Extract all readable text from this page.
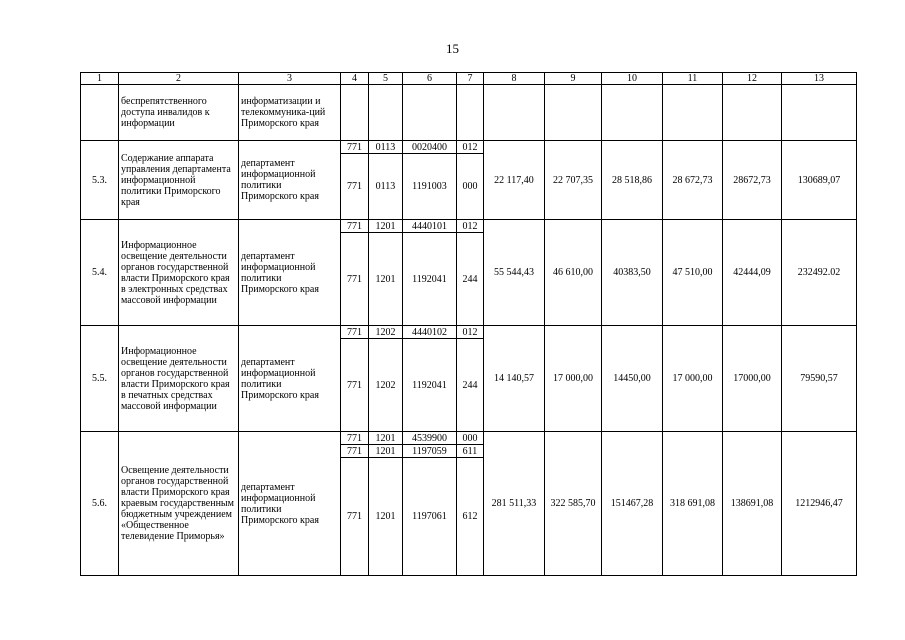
15
1	2	3	4	5	6	7	8	9	10	11	12	13
	беспрепятственного доступа инвалидов к информации	информатизации и телекоммуника-ций Приморского края										
5.3.	Содержание аппарата управления департамента информационной политики Приморского края	департамент информационной политики Приморского края	771	0113	0020400	012	22 117,40	22 707,35	28 518,86	28 672,73	28672,73	130689,07
			771	0113	1191003	000						
5.4.	Информационное освещение деятельности органов государственной власти Приморского края в электронных средствах массовой информации	департамент информационной политики Приморского края	771	1201	4440101	012	55 544,43	46 610,00	40383,50	47 510,00	42444,09	232492.02
			771	1201	1192041	244						
5.5.	Информационное освещение деятельности органов государственной власти Приморского края в печатных средствах массовой информации	департамент информационной политики Приморского края	771	1202	4440102	012	14 140,57	17 000,00	14450,00	17 000,00	17000,00	79590,57
			771	1202	1192041	244						
5.6.	Освещение деятельности органов государственной власти Приморского края краевым государственным бюджетным учреждением «Общественное телевидение Приморья»	департамент информационной политики Приморского края	771	1201	4539900	000	281 511,33	322 585,70	151467,28	318 691,08	138691,08	1212946,47
			771	1201	1197059	611						
			771	1201	1197061	612						
